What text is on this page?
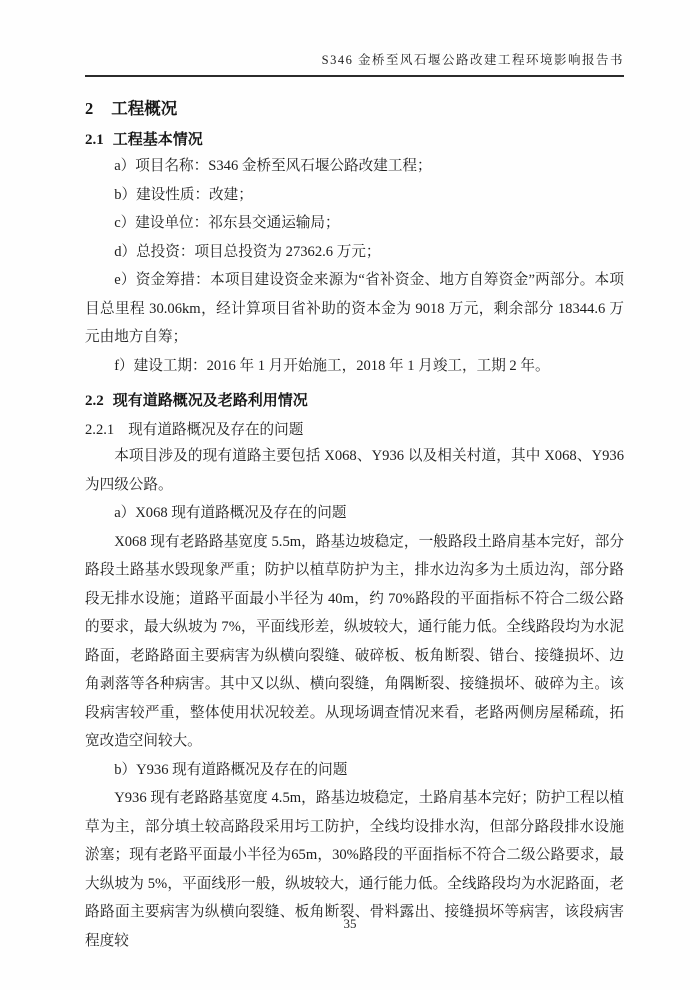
S346 金桥至风石堰公路改建工程环境影响报告书
2 工程概况
2.1 工程基本情况

a）项目名称：S346 金桥至风石堰公路改建工程；

b）建设性质：改建；

c）建设单位：祁东县交通运输局；

d）总投资：项目总投资为 27362.6 万元；

e）资金筹措：本项目建设资金来源为“省补资金、地方自筹资金”两部分。本项目总里程 30.06km，经计算项目省补助的资本金为 9018 万元，剩余部分 18344.6 万元由地方自筹；

f）建设工期：2016 年 1 月开始施工，2018 年 1 月竣工，工期 2 年。

2.2 现有道路概况及老路利用情况
2.2.1 现有道路概况及存在的问题

本项目涉及的现有道路主要包括 X068、Y936 以及相关村道，其中 X068、Y936 为四级公路。

a）X068 现有道路概况及存在的问题

X068 现有老路路基宽度 5.5m，路基边坡稳定，一般路段土路肩基本完好，部分路段土路基水毁现象严重；防护以植草防护为主，排水边沟多为土质边沟，部分路段无排水设施；道路平面最小半径为 40m，约 70%路段的平面指标不符合二级公路的要求，最大纵坡为 7%，平面线形差，纵坡较大，通行能力低。全线路段均为水泥路面，老路路面主要病害为纵横向裂缝、破碎板、板角断裂、错台、接缝损坏、边角剥落等各种病害。其中又以纵、横向裂缝，角隅断裂、接缝损坏、破碎为主。该段病害较严重，整体使用状况较差。从现场调查情况来看，老路两侧房屋稀疏，拓宽改造空间较大。

b）Y936 现有道路概况及存在的问题

Y936 现有老路路基宽度 4.5m，路基边坡稳定，土路肩基本完好；防护工程以植草为主，部分填土较高路段采用圬工防护，全线均设排水沟，但部分路段排水设施淤塞；现有老路平面最小半径为65m，30%路段的平面指标不符合二级公路要求，最大纵坡为 5%，平面线形一般，纵坡较大，通行能力低。全线路段均为水泥路面，老路路面主要病害为纵横向裂缝、板角断裂、骨料露出、接缝损坏等病害，该段病害程度较

35
